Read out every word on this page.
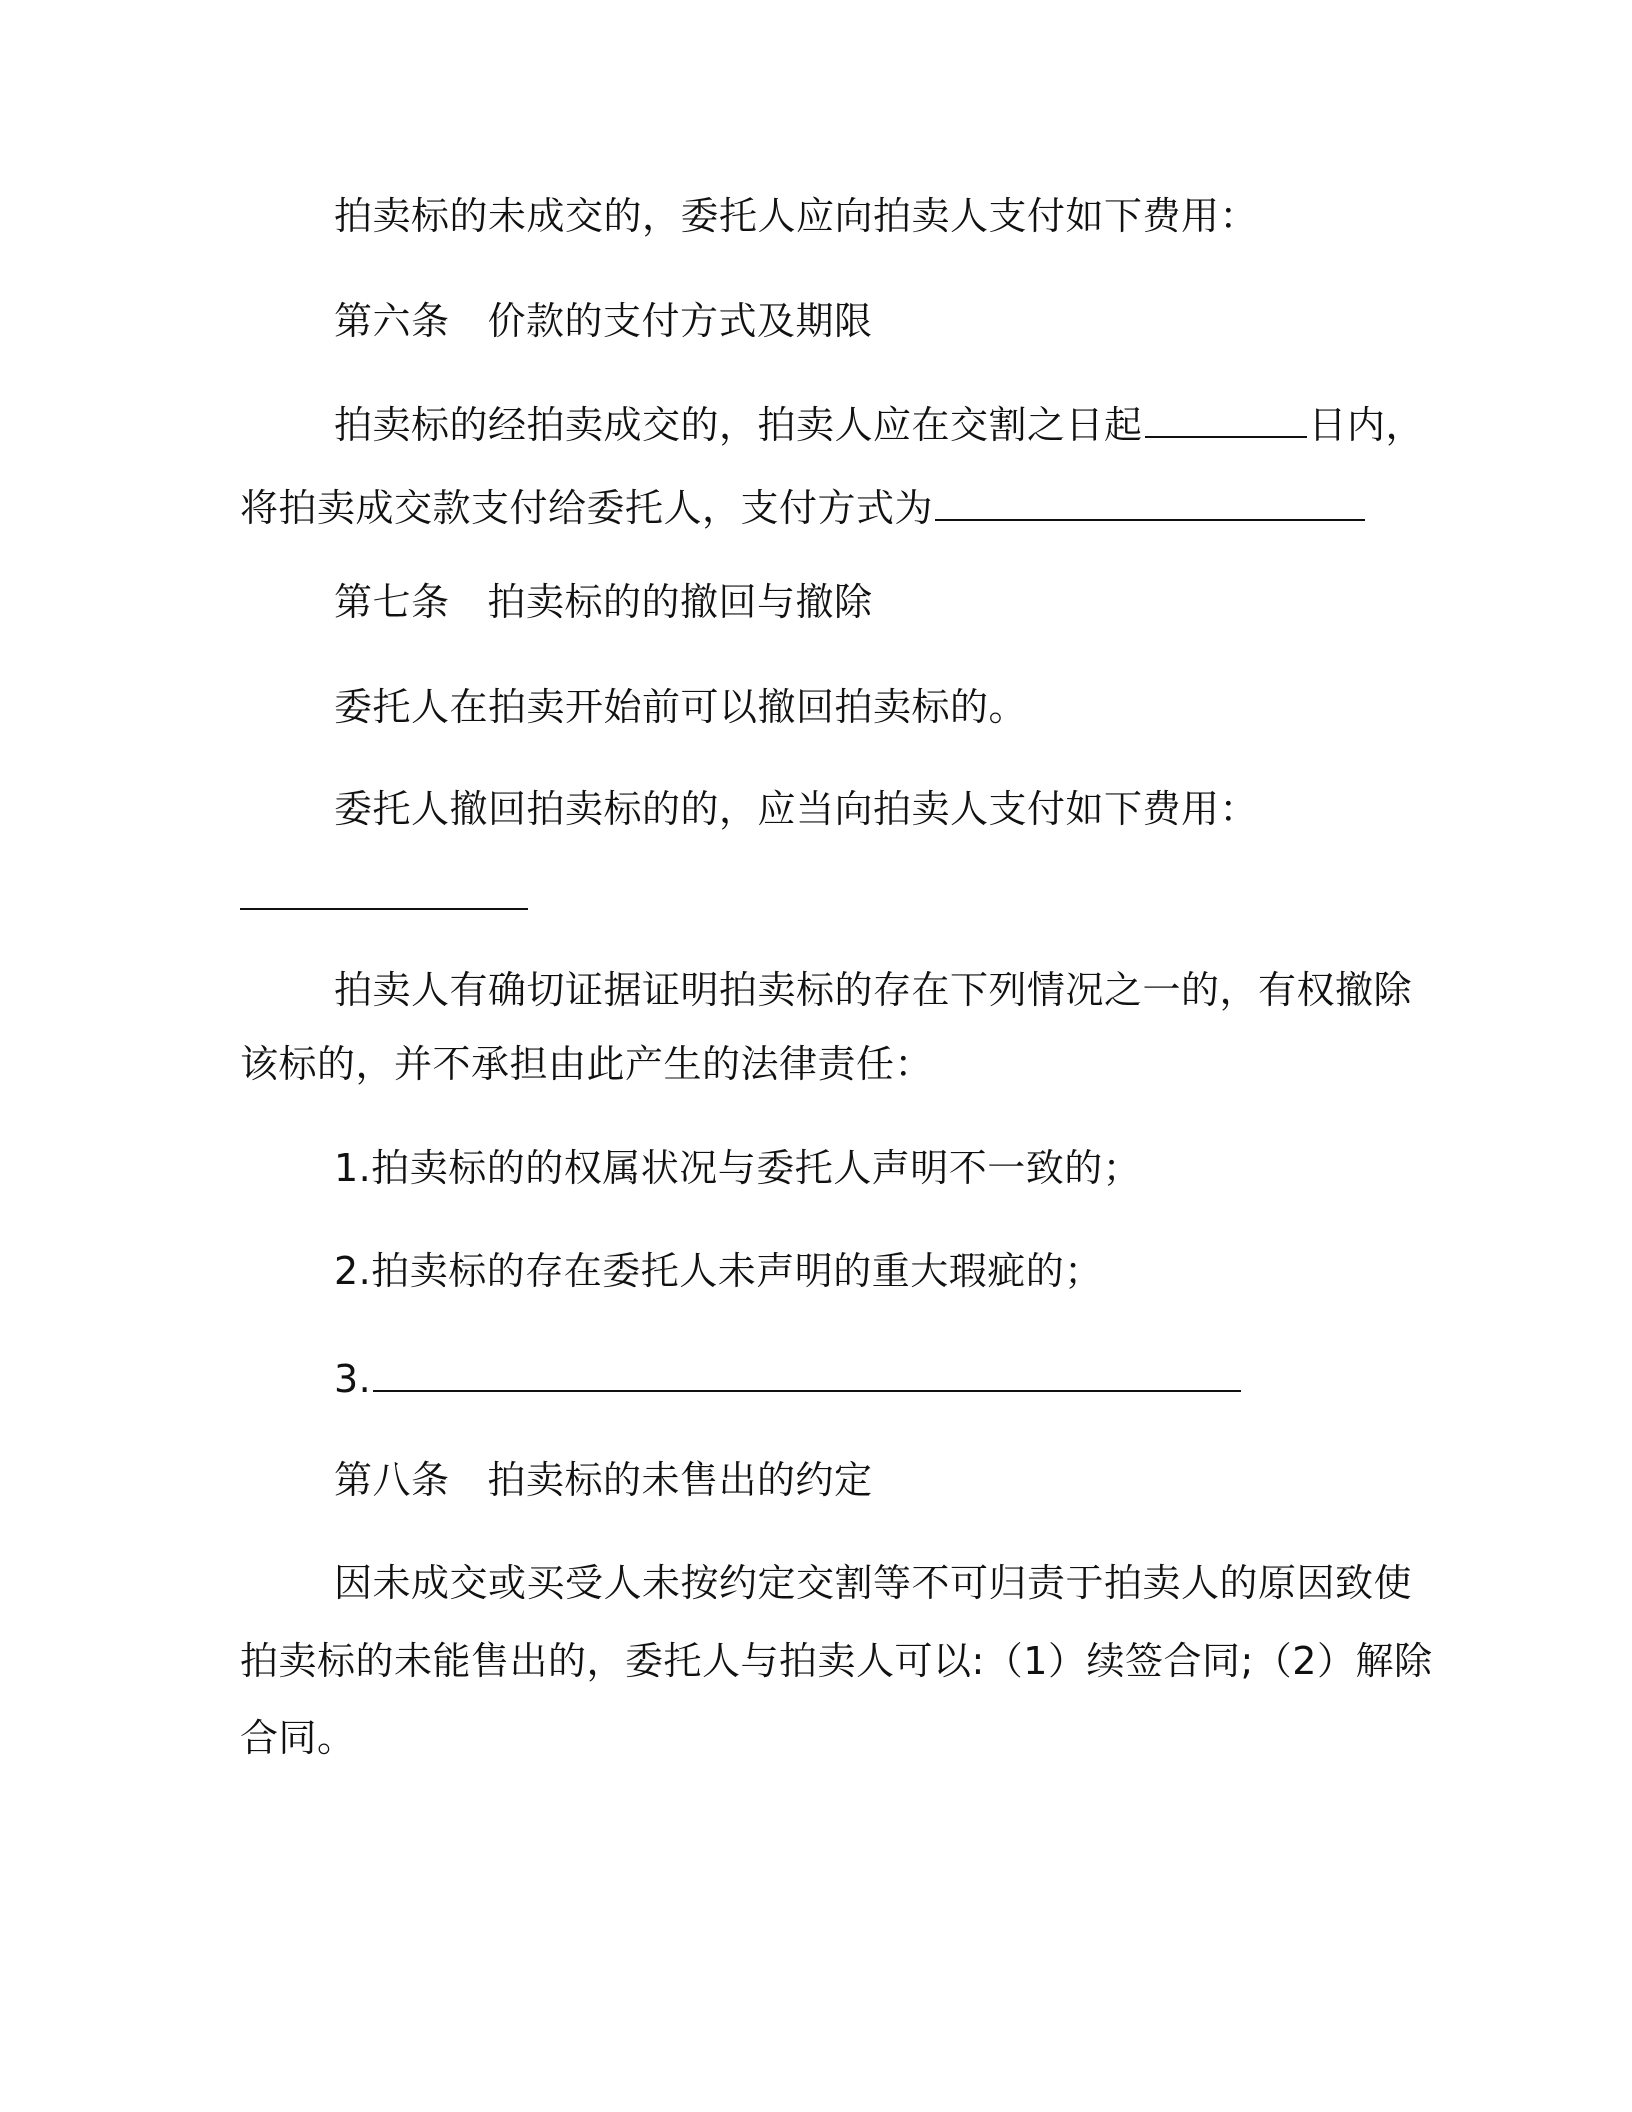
拍卖标的未成交的，委托人应向拍卖人支付如下费用：
第六条 价款的支付方式及期限
拍卖标的经拍卖成交的，拍卖人应在交割之日起	日内，
将拍卖成交款支付给委托人，支付方式为
第七条 拍卖标的的撤回与撤除
委托人在拍卖开始前可以撤回拍卖标的。
委托人撤回拍卖标的的，应当向拍卖人支付如下费用：
拍卖人有确切证据证明拍卖标的存在下列情况之一的，有权撤除
该标的，并不承担由此产生的法律责任：
1.拍卖标的的权属状况与委托人声明不一致的；
2.拍卖标的存在委托人未声明的重大瑕疵的；
3.
第八条 拍卖标的未售出的约定
因未成交或买受人未按约定交割等不可归责于拍卖人的原因致使
拍卖标的未能售出的，委托人与拍卖人可以:（1）续签合同;（2）解除
合同。
